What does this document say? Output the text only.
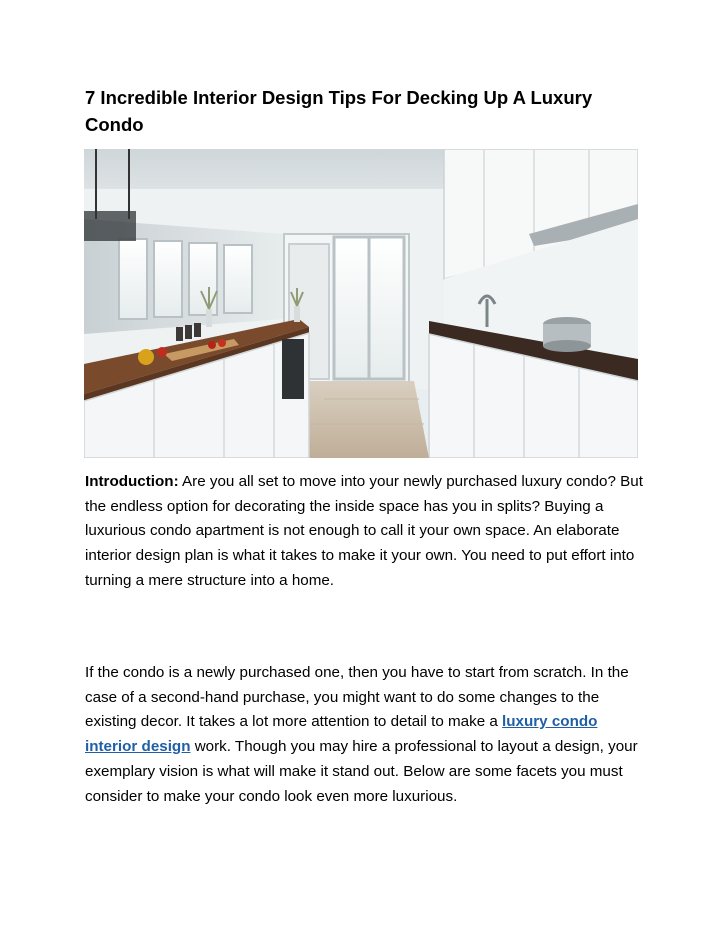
7 Incredible Interior Design Tips For Decking Up A Luxury Condo

Introduction: Are you all set to move into your newly purchased luxury condo? But the endless option for decorating the inside space has you in splits? Buying a luxurious condo apartment is not enough to call it your own space. An elaborate interior design plan is what it takes to make it your own. You need to put effort into turning a mere structure into a home.

If the condo is a newly purchased one, then you have to start from scratch. In the case of a second-hand purchase, you might want to do some changes to the existing decor. It takes a lot more attention to detail to make a luxury condo interior design work. Though you may hire a professional to layout a design, your exemplary vision is what will make it stand out. Below are some facets you must consider to make your condo look even more luxurious.
